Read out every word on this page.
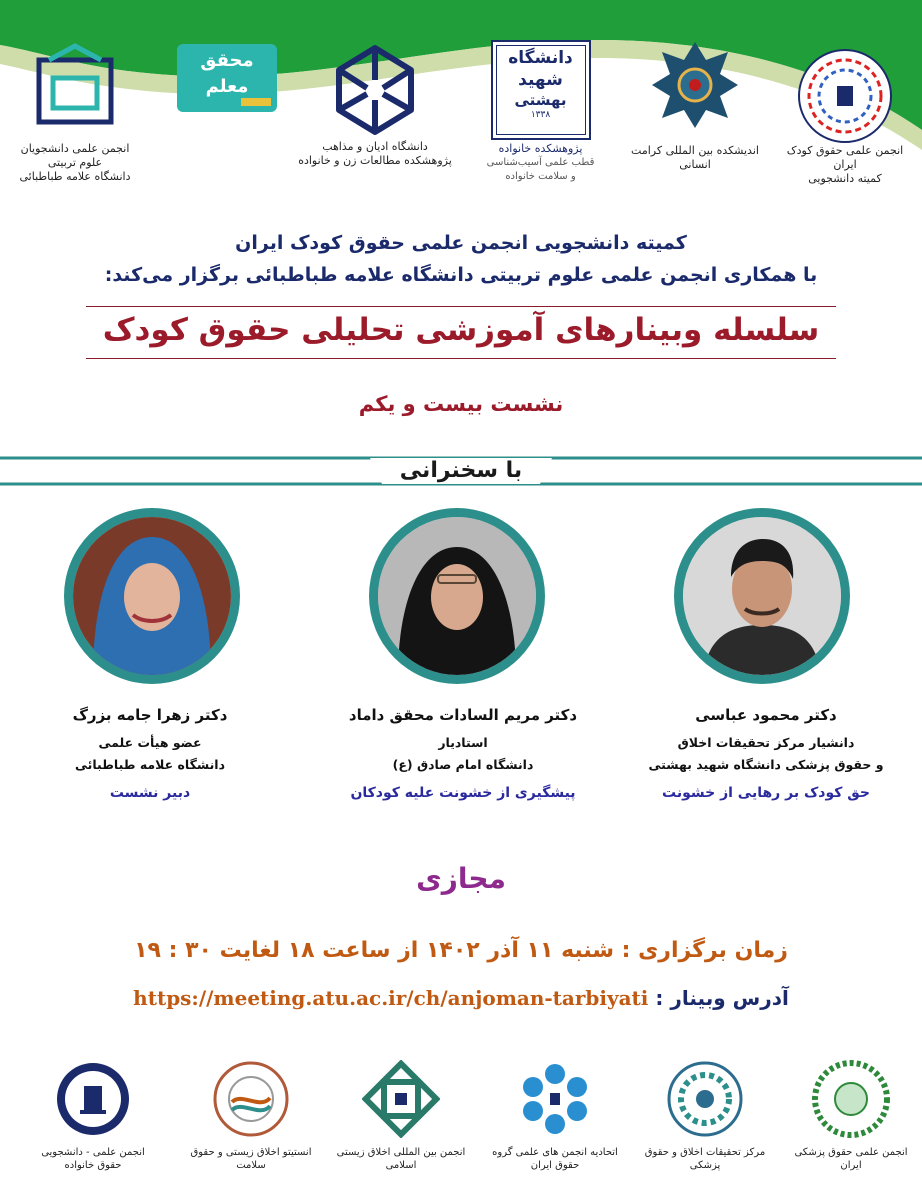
انجمن علمی حقوق کودک ایران
کمیته دانشجویی
اندیشکده بین المللی کرامت انسانی
دانشگاه
شهید
بهشتی
۱۳۳۸
پژوهشکده خانواده
قطب علمی آسیب‌شناسی
و سلامت خانواده
دانشگاه ادیان و مذاهب
پژوهشکده مطالعات زن و خانواده
محقق
معلم
انجمن علمی دانشجویان علوم تربیتی
دانشگاه علامه طباطبائی
کمیته دانشجویی انجمن علمی حقوق کودک ایران
با همکاری انجمن علمی علوم تربیتی دانشگاه علامه طباطبائی برگزار می‌کند:
سلسله وبینارهای آموزشی تحلیلی حقوق کودک
نشست بیست و یکم
با سخنرانی
دکتر محمود عباسی
دانشیار مرکز تحقیقات اخلاق
و حقوق پزشکی دانشگاه شهید بهشتی
حق کودک بر رهایی از خشونت
دکتر مریم السادات محقق داماد
استادیار
دانشگاه امام صادق (ع)
پیشگیری از خشونت علیه کودکان
دکتر زهرا جامه بزرگ
عضو هیأت علمی
دانشگاه علامه طباطبائی
دبیر نشست
مجازی
زمان برگزاری : شنبه ۱۱ آذر ۱۴۰۲ از ساعت ۱۸ لغایت ۳۰ : ۱۹
آدرس وبینار : https://meeting.atu.ac.ir/ch/anjoman-tarbiyati
انجمن علمی حقوق پزشکی ایران
مرکز تحقیقات اخلاق و حقوق پزشکی
اتحادیه انجمن های علمی گروه حقوق ایران
انجمن بین المللی اخلاق زیستی اسلامی
انستیتو اخلاق زیستی و حقوق سلامت
انجمن علمی - دانشجویی حقوق خانواده
